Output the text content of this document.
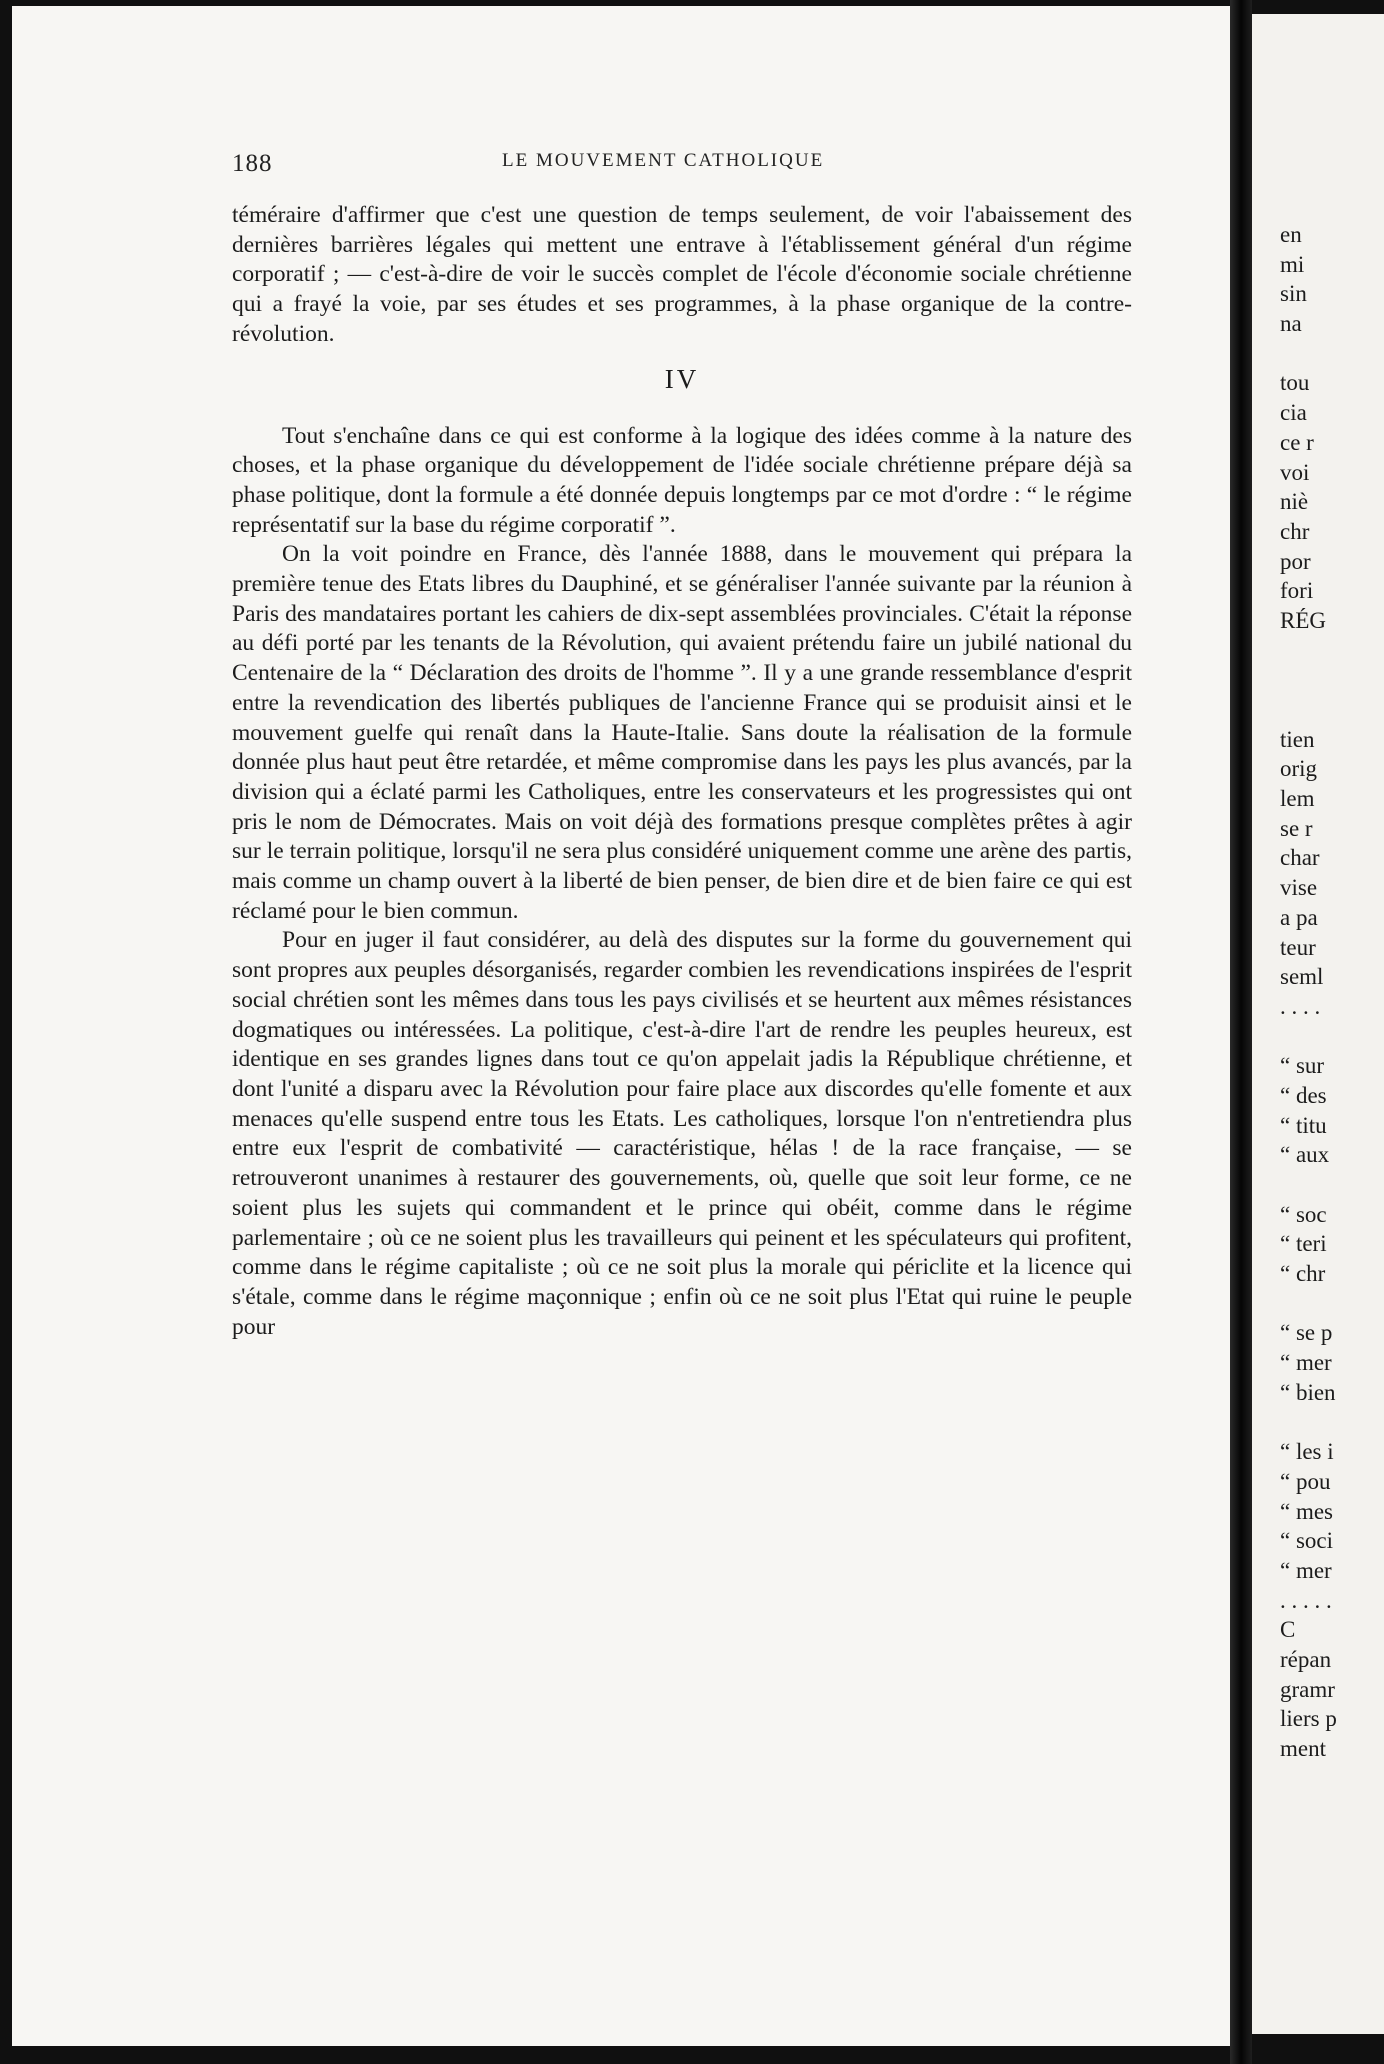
188	LE MOUVEMENT CATHOLIQUE

téméraire d'affirmer que c'est une question de temps seulement, de voir l'abaissement des dernières barrières légales qui mettent une entrave à l'établissement général d'un régime corporatif ; — c'est-à-dire de voir le succès complet de l'école d'économie sociale chrétienne qui a frayé la voie, par ses études et ses programmes, à la phase organique de la contre-révolution.

IV

Tout s'enchaîne dans ce qui est conforme à la logique des idées comme à la nature des choses, et la phase organique du développement de l'idée sociale chrétienne prépare déjà sa phase politique, dont la formule a été donnée depuis longtemps par ce mot d'ordre : “ le régime représentatif sur la base du régime corporatif ”.

On la voit poindre en France, dès l'année 1888, dans le mouvement qui prépara la première tenue des Etats libres du Dauphiné, et se généraliser l'année suivante par la réunion à Paris des mandataires portant les cahiers de dix-sept assemblées provinciales. C'était la réponse au défi porté par les tenants de la Révolution, qui avaient prétendu faire un jubilé national du Centenaire de la “ Déclaration des droits de l'homme ”. Il y a une grande ressemblance d'esprit entre la revendication des libertés publiques de l'ancienne France qui se produisit ainsi et le mouvement guelfe qui renaît dans la Haute-Italie. Sans doute la réalisation de la formule donnée plus haut peut être retardée, et même compromise dans les pays les plus avancés, par la division qui a éclaté parmi les Catholiques, entre les conservateurs et les progressistes qui ont pris le nom de Démocrates. Mais on voit déjà des formations presque complètes prêtes à agir sur le terrain politique, lorsqu'il ne sera plus considéré uniquement comme une arène des partis, mais comme un champ ouvert à la liberté de bien penser, de bien dire et de bien faire ce qui est réclamé pour le bien commun.

Pour en juger il faut considérer, au delà des disputes sur la forme du gouvernement qui sont propres aux peuples désorganisés, regarder combien les revendications inspirées de l'esprit social chrétien sont les mêmes dans tous les pays civilisés et se heurtent aux mêmes résistances dogmatiques ou intéressées. La politique, c'est-à-dire l'art de rendre les peuples heureux, est identique en ses grandes lignes dans tout ce qu'on appelait jadis la République chrétienne, et dont l'unité a disparu avec la Révolution pour faire place aux discordes qu'elle fomente et aux menaces qu'elle suspend entre tous les Etats. Les catholiques, lorsque l'on n'entretiendra plus entre eux l'esprit de combativité — caractéristique, hélas ! de la race française, — se retrouveront unanimes à restaurer des gouvernements, où, quelle que soit leur forme, ce ne soient plus les sujets qui commandent et le prince qui obéit, comme dans le régime parlementaire ; où ce ne soient plus les travailleurs qui peinent et les spéculateurs qui profitent, comme dans le régime capitaliste ; où ce ne soit plus la morale qui périclite et la licence qui s'étale, comme dans le régime maçonnique ; enfin où ce ne soit plus l'Etat qui ruine le peuple pour

en
mi
sin
na
tou
cia
ce r
voi
niè
chr
por
fori
RÉG
tien
orig
lem
se r
char
vise
a pa
teur
seml
. . . .
“ sur
“ des
“ titu
“ aux
“ soc
“ teri
“ chr
“ se p
“ mer
“ bien
“ les i
“ pou
“ mes
“ soci
“ mer
. . . . .
C
répan
gramr
liers p
ment
